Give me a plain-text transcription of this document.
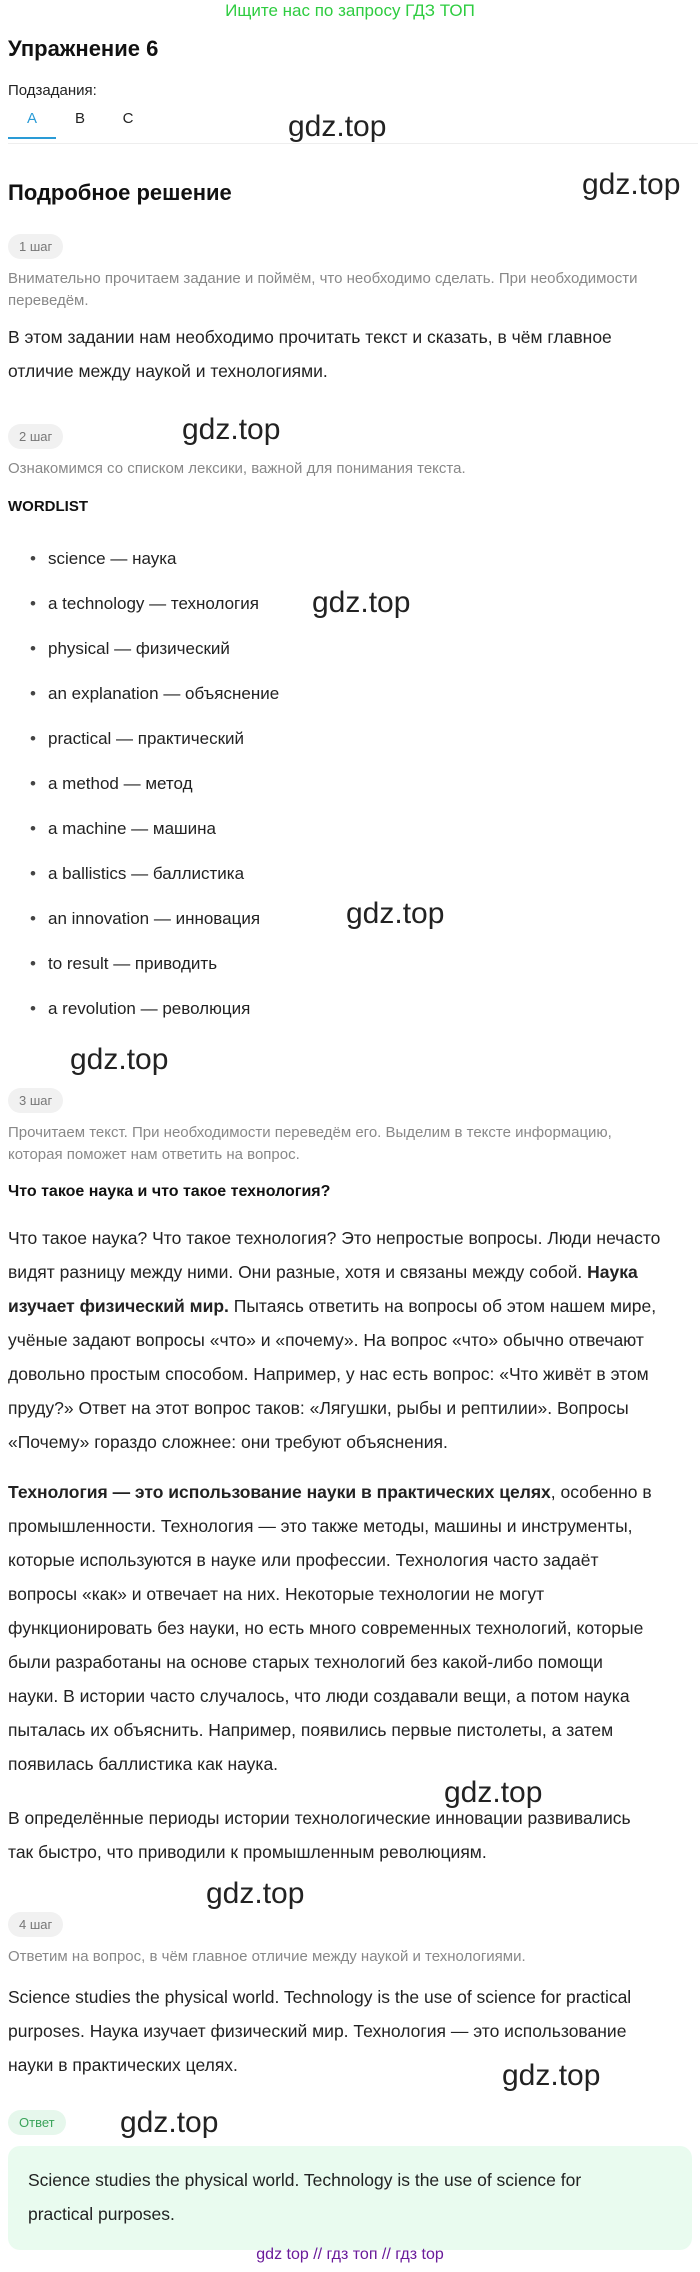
Ищите нас по запросу ГДЗ ТОП
Упражнение 6
Подзадания:
A	B	C	gdz.top
gdz.top
gdz.top
gdz.top
gdz.top
gdz.top
gdz.top
gdz.top
gdz.top
gdz.top
Подробное решение
1 шаг
Внимательно прочитаем задание и поймём, что необходимо сделать. При необходимости переведём.
В этом задании нам необходимо прочитать текст и сказать, в чём главное
отличие между наукой и технологиями.
2 шаг
Ознакомимся со списком лексики, важной для понимания текста.
WORDLIST
• science — наука
• a technology — технология
• physical — физический
• an explanation — объяснение
• practical — практический
• a method — метод
• a machine — машина
• a ballistics — баллистика
• an innovation — инновация
• to result — приводить
• a revolution — революция
3 шаг
Прочитаем текст. При необходимости переведём его. Выделим в тексте информацию,
которая поможет нам ответить на вопрос.
Что такое наука и что такое технология?
Что такое наука? Что такое технология? Это непростые вопросы. Люди нечасто
видят разницу между ними. Они разные, хотя и связаны между собой. Наука
изучает физический мир. Пытаясь ответить на вопросы об этом нашем мире,
учёные задают вопросы «что» и «почему». На вопрос «что» обычно отвечают
довольно простым способом. Например, у нас есть вопрос: «Что живёт в этом
пруду?» Ответ на этот вопрос таков: «Лягушки, рыбы и рептилии». Вопросы
«Почему» гораздо сложнее: они требуют объяснения.
Технология — это использование науки в практических целях, особенно в
промышленности. Технология — это также методы, машины и инструменты,
которые используются в науке или профессии. Технология часто задаёт
вопросы «как» и отвечает на них. Некоторые технологии не могут
функционировать без науки, но есть много современных технологий, которые
были разработаны на основе старых технологий без какой-либо помощи
науки. В истории часто случалось, что люди создавали вещи, а потом наука
пыталась их объяснить. Например, появились первые пистолеты, а затем
появилась баллистика как наука.
В определённые периоды истории технологические инновации развивались
так быстро, что приводили к промышленным революциям.
4 шаг
Ответим на вопрос, в чём главное отличие между наукой и технологиями.
Science studies the physical world. Technology is the use of science for practical
purposes. Наука изучает физический мир. Технология — это использование
науки в практических целях.
Ответ
Science studies the physical world. Technology is the use of science for
practical purposes.
gdz top // гдз топ // гдз top
